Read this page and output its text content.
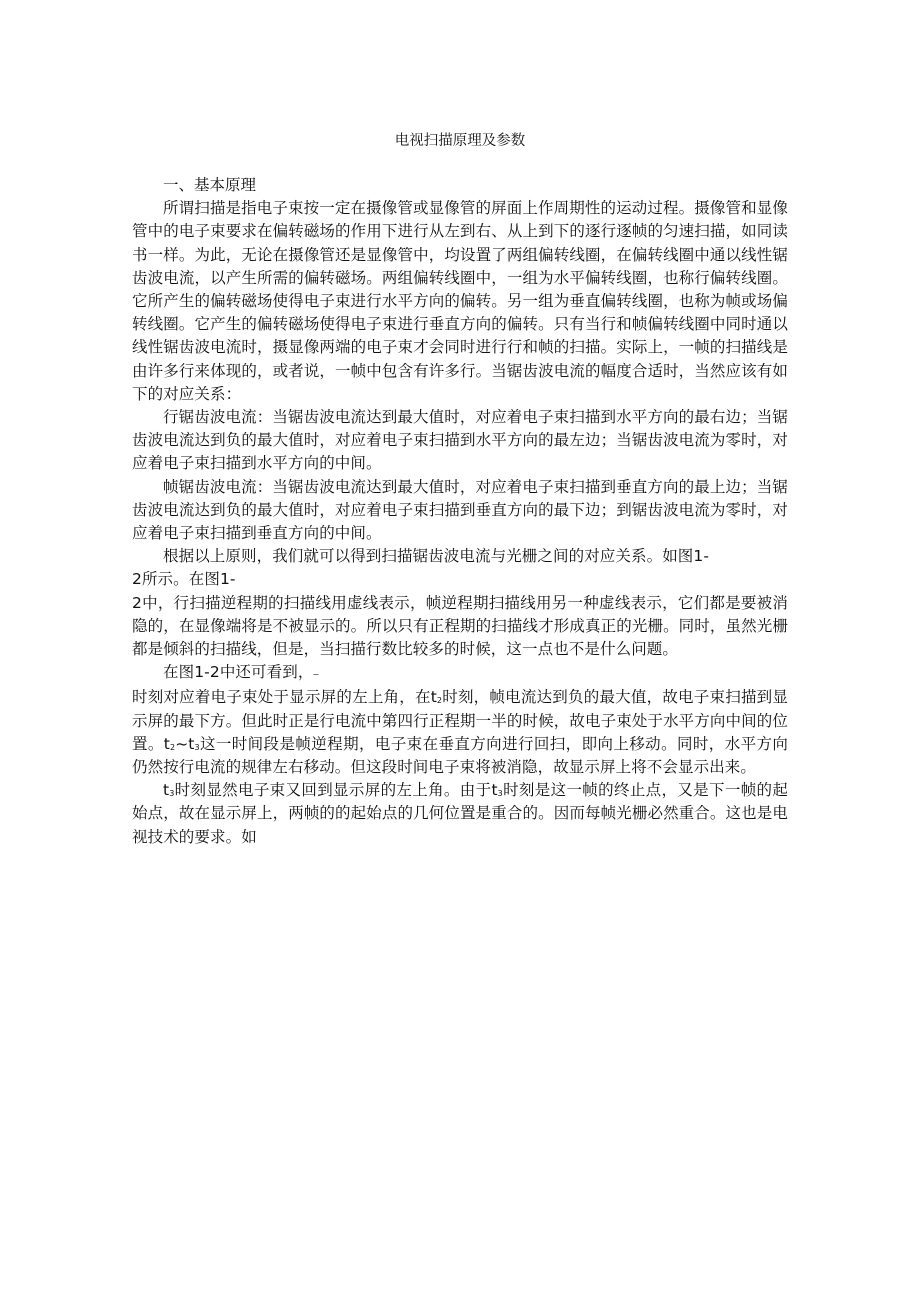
电视扫描原理及参数

一、基本原理

所谓扫描是指电子束按一定在摄像管或显像管的屏面上作周期性的运动过程。摄像管和显像管中的电子束要求在偏转磁场的作用下进行从左到右、从上到下的逐行逐帧的匀速扫描，如同读书一样。为此，无论在摄像管还是显像管中，均设置了两组偏转线圈，在偏转线圈中通以线性锯齿波电流，以产生所需的偏转磁场。两组偏转线圈中，一组为水平偏转线圈，也称行偏转线圈。它所产生的偏转磁场使得电子束进行水平方向的偏转。另一组为垂直偏转线圈，也称为帧或场偏转线圈。它产生的偏转磁场使得电子束进行垂直方向的偏转。只有当行和帧偏转线圈中同时通以线性锯齿波电流时，摄显像两端的电子束才会同时进行行和帧的扫描。实际上，一帧的扫描线是由许多行来体现的，或者说，一帧中包含有许多行。当锯齿波电流的幅度合适时，当然应该有如下的对应关系：

行锯齿波电流：当锯齿波电流达到最大值时，对应着电子束扫描到水平方向的最右边；当锯齿波电流达到负的最大值时，对应着电子束扫描到水平方向的最左边；当锯齿波电流为零时，对应着电子束扫描到水平方向的中间。

帧锯齿波电流：当锯齿波电流达到最大值时，对应着电子束扫描到垂直方向的最上边；当锯齿波电流达到负的最大值时，对应着电子束扫描到垂直方向的最下边；到锯齿波电流为零时，对应着电子束扫描到垂直方向的中间。

根据以上原则，我们就可以得到扫描锯齿波电流与光栅之间的对应关系。如图1-
2所示。在图1-
2中，行扫描逆程期的扫描线用虚线表示，帧逆程期扫描线用另一种虚线表示，它们都是要被消隐的，在显像端将是不被显示的。所以只有正程期的扫描线才形成真正的光栅。同时，虽然光栅都是倾斜的扫描线，但是，当扫描行数比较多的时候，这一点也不是什么问题。

在图1-2中还可看到，⎯
时刻对应着电子束处于显示屏的左上角，在$t_2$时刻，帧电流达到负的最大值，故电子束扫描到显示屏的最下方。但此时正是行电流中第四行正程期一半的时候，故电子束处于水平方向中间的位置。$t_2\sim t_3$这一时间段是帧逆程期，电子束在垂直方向进行回扫，即向上移动。同时，水平方向仍然按行电流的规律左右移动。但这段时间电子束将被消隐，故显示屏上将不会显示出来。

$t_3$时刻显然电子束又回到显示屏的左上角。由于$t_3$时刻是这一帧的终止点，又是下一帧的起始点，故在显示屏上，两帧的的起始点的几何位置是重合的。因而每帧光栅必然重合。这也是电视技术的要求。如
